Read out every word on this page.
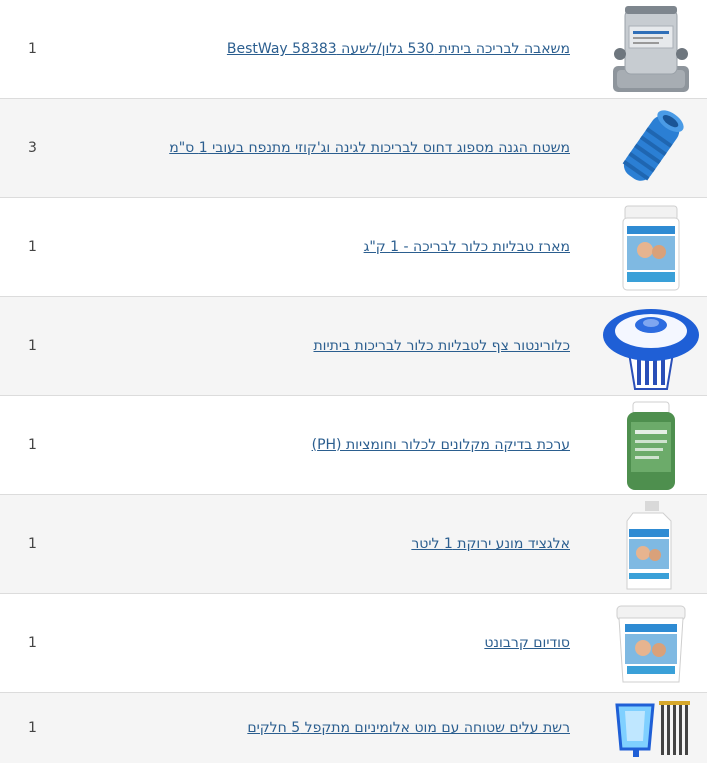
1	משאבה לבריכה ביתית 530 גלון/לשעה BestWay 58383
3	משטח הגנה מספוג דחוס לבריכות לגינה וג'קוזי מתנפח בעובי 1 ס"מ
1	מארז טבליות כלור לבריכה - 1 ק"ג
1	כלורינטור צף לטבליות כלור לבריכות ביתיות
1	ערכת בדיקה מקלונים לכלור וחומציות (PH)
1	אלגציד מונע ירוקת 1 ליטר
1	סודיום קרבונט
1	רשת עלים שטוחה עם מוט אלומיניום מתקפל 5 חלקים
